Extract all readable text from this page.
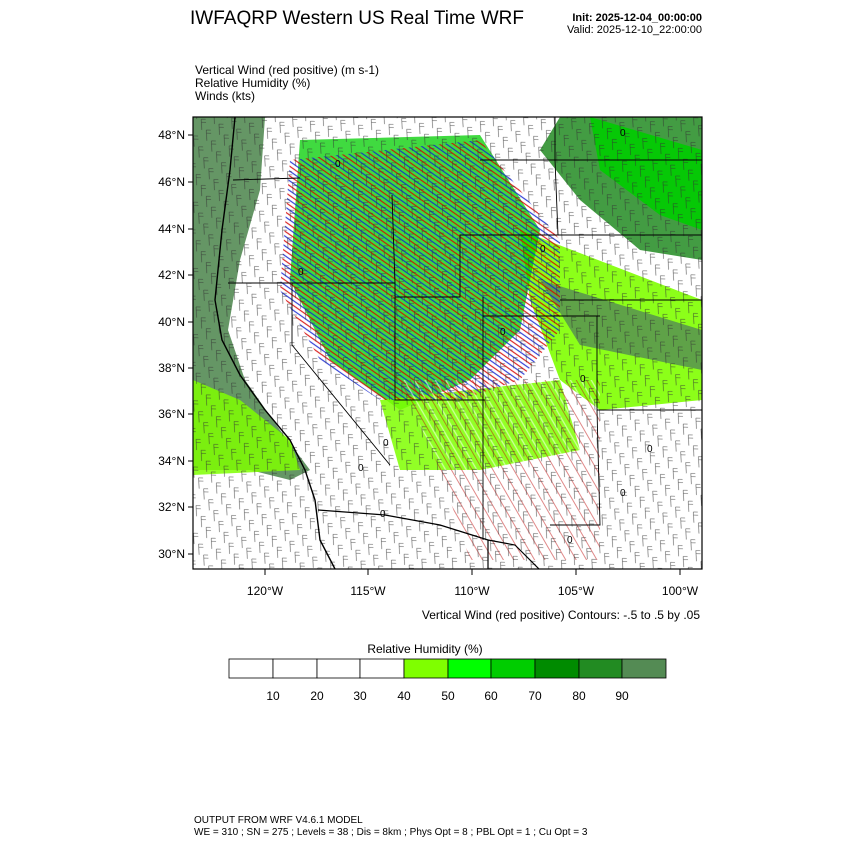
IWFAQRP Western US Real Time WRF	Init: 2025-12-04_00:00:00
Valid: 2025-12-10_22:00:00
Vertical Wind (red positive) (m s-1)
Relative Humidity (%)
Winds (kts)
48°N
46°N
44°N
42°N
40°N
38°N
36°N
34°N
32°N
30°N
120°W	115°W	110°W	105°W	100°W
0
0
0
0
0
0
0
0
0
0
0
0
10	20 30	40	50 60	70	80 90
Vertical Wind (red positive) Contours: -.5 to .5 by .05
Relative Humidity (%)
OUTPUT FROM WRF V4.6.1 MODEL
WE = 310 ; SN = 275 ; Levels = 38 ; Dis = 8km ; Phys Opt = 8 ; PBL Opt = 1 ; Cu Opt = 3
